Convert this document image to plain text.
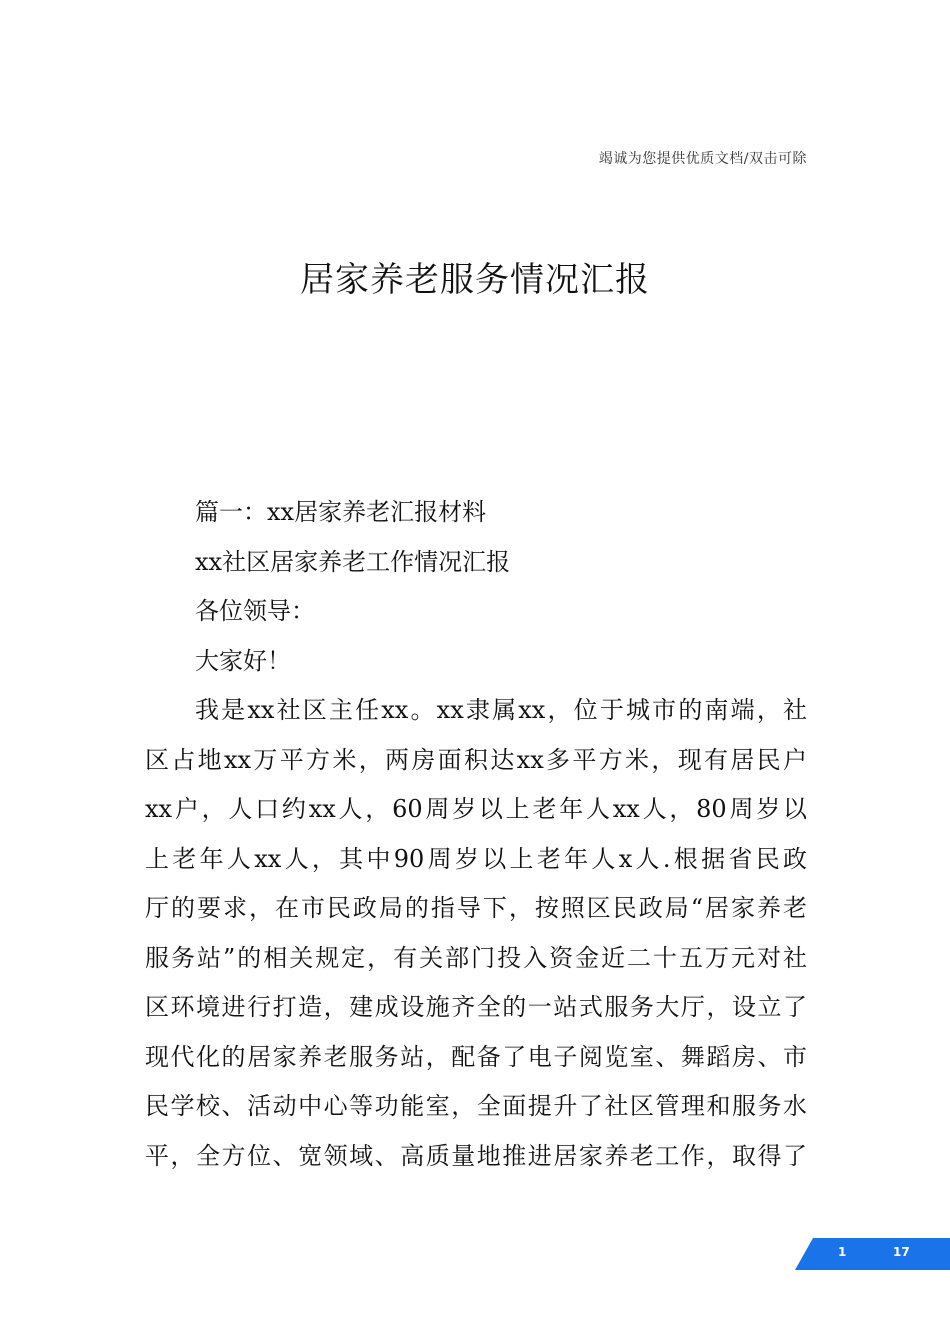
竭诚为您提供优质文档/双击可除
居家养老服务情况汇报
篇一：xx居家养老汇报材料
xx社区居家养老工作情况汇报
各位领导：
大家好！
我是xx社区主任xx。xx隶属xx，位于城市的南端，社
区占地xx万平方米，两房面积达xx多平方米，现有居民户
xx户，人口约xx人，60周岁以上老年人xx人，80周岁以
上老年人xx人，其中90周岁以上老年人x人.根据省民政
厅的要求，在市民政局的指导下，按照区民政局“居家养老
服务站”的相关规定，有关部门投入资金近二十五万元对社
区环境进行打造，建成设施齐全的一站式服务大厅，设立了
现代化的居家养老服务站，配备了电子阅览室、舞蹈房、市
民学校、活动中心等功能室，全面提升了社区管理和服务水
平，全方位、宽领域、高质量地推进居家养老工作，取得了
1	17
